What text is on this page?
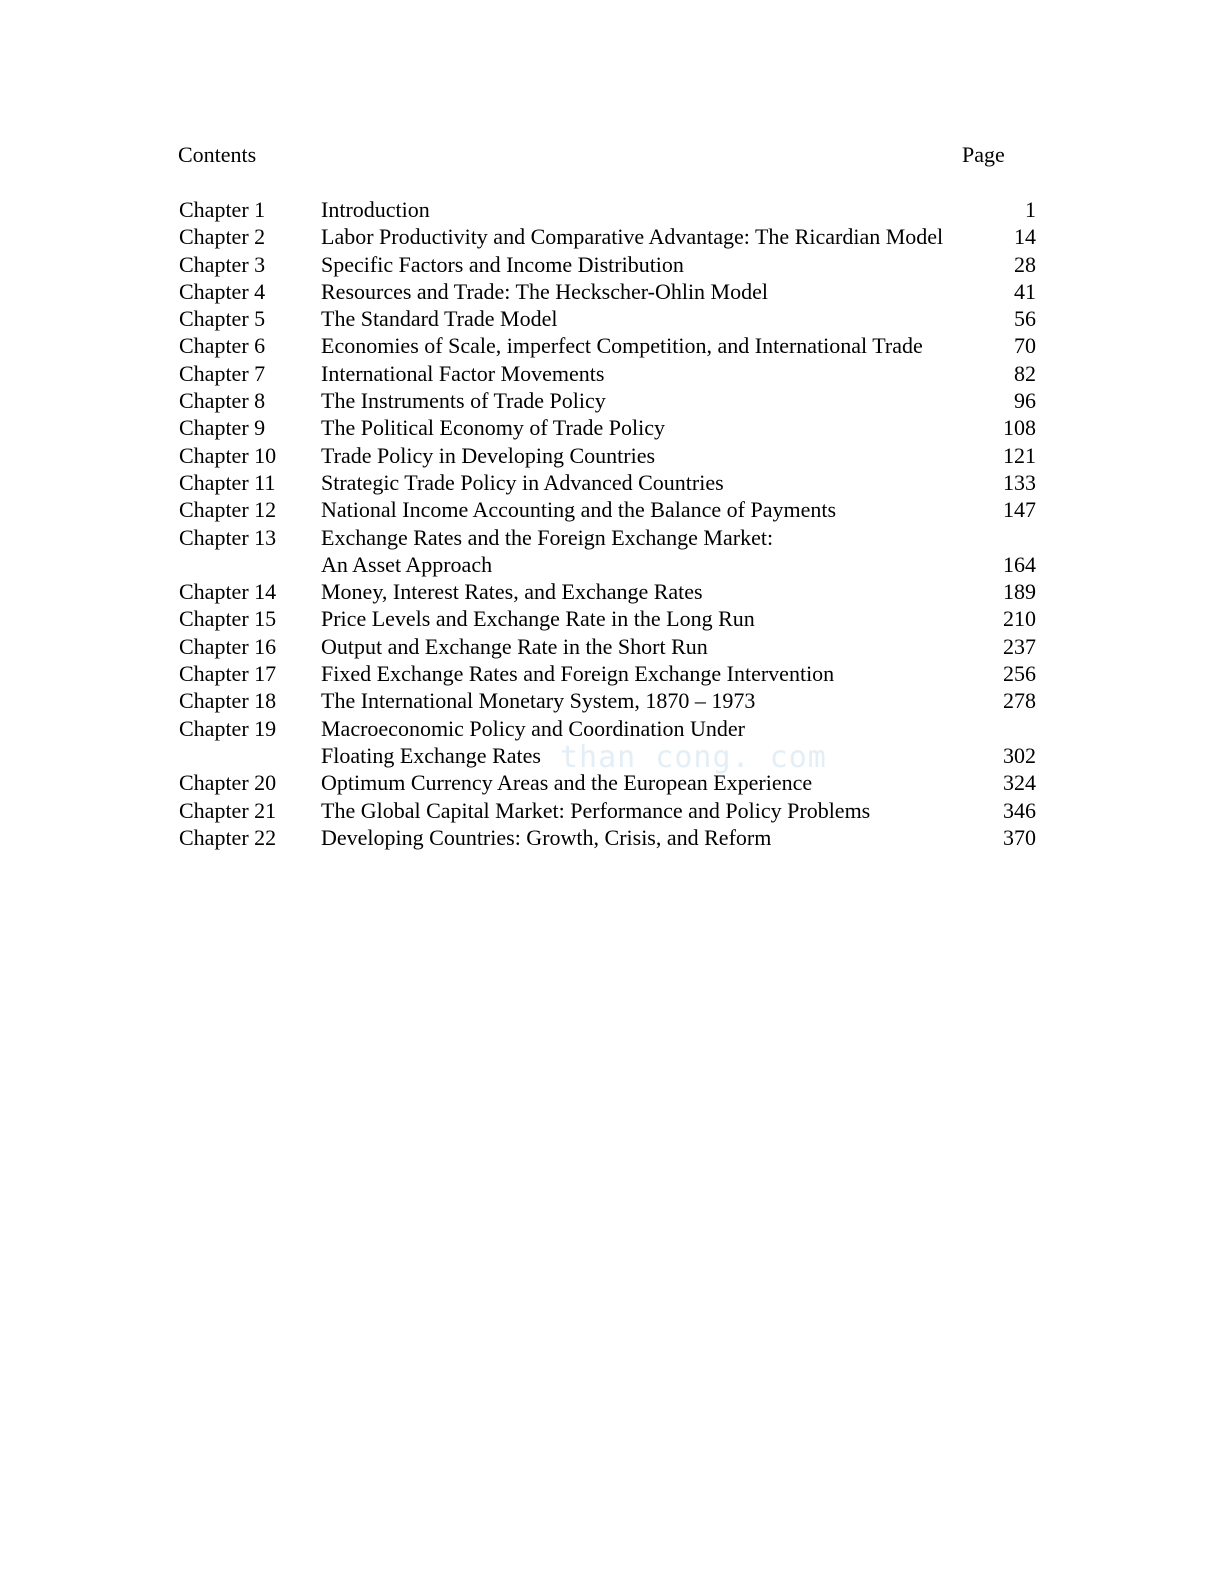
Contents	Page
Chapter 1	Introduction	1
Chapter 2	Labor Productivity and Comparative Advantage: The Ricardian Model	14
Chapter 3	Specific Factors and Income Distribution	28
Chapter 4	Resources and Trade: The Heckscher-Ohlin Model	41
Chapter 5	The Standard Trade Model	56
Chapter 6	Economies of Scale, imperfect Competition, and International Trade	70
Chapter 7	International Factor Movements	82
Chapter 8	The Instruments of Trade Policy	96
Chapter 9	The Political Economy of Trade Policy	108
Chapter 10 Trade Policy in Developing Countries	121
Chapter 11 Strategic Trade Policy in Advanced Countries	133
Chapter 12 National Income Accounting and the Balance of Payments	147
Chapter 13 Exchange Rates and the Foreign Exchange Market:
An Asset Approach	164
Chapter 14 Money, Interest Rates, and Exchange Rates	189
Chapter 15 Price Levels and Exchange Rate in the Long Run	210
Chapter 16 Output and Exchange Rate in the Short Run	237
Chapter 17 Fixed Exchange Rates and Foreign Exchange Intervention	256
Chapter 18 The International Monetary System, 1870 – 1973	278
Chapter 19 Macroeconomic Policy and Coordination Under
Floating Exchange Rates	302
Chapter 20 Optimum Currency Areas and the European Experience	324
Chapter 21 The Global Capital Market: Performance and Policy Problems	346
Chapter 22 Developing Countries: Growth, Crisis, and Reform	370
than cong. com
